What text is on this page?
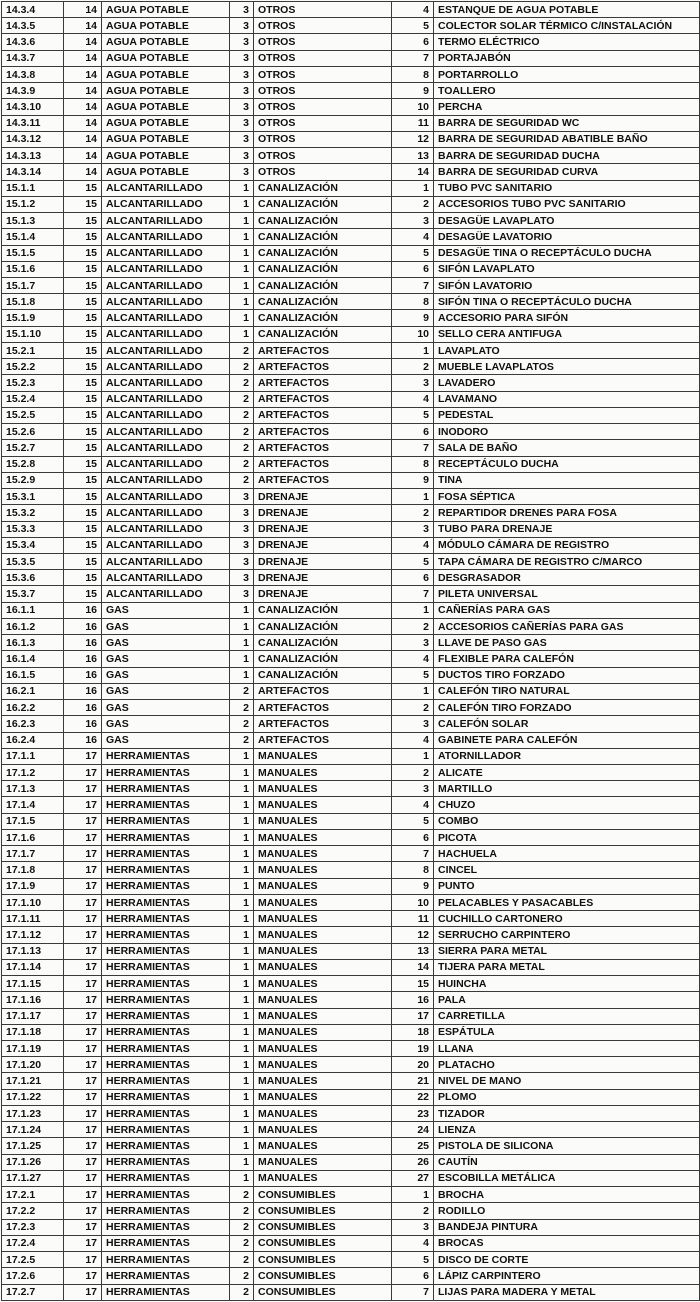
14.3.4	14	AGUA POTABLE	3	OTROS	4	ESTANQUE DE AGUA POTABLE
14.3.5	14	AGUA POTABLE	3	OTROS	5	COLECTOR SOLAR TÉRMICO C/INSTALACIÓN
14.3.6	14	AGUA POTABLE	3	OTROS	6	TERMO ELÉCTRICO
14.3.7	14	AGUA POTABLE	3	OTROS	7	PORTAJABÓN
14.3.8	14	AGUA POTABLE	3	OTROS	8	PORTARROLLO
14.3.9	14	AGUA POTABLE	3	OTROS	9	TOALLERO
14.3.10	14	AGUA POTABLE	3	OTROS	10	PERCHA
14.3.11	14	AGUA POTABLE	3	OTROS	11	BARRA DE SEGURIDAD WC
14.3.12	14	AGUA POTABLE	3	OTROS	12	BARRA DE SEGURIDAD ABATIBLE BAÑO
14.3.13	14	AGUA POTABLE	3	OTROS	13	BARRA DE SEGURIDAD DUCHA
14.3.14	14	AGUA POTABLE	3	OTROS	14	BARRA DE SEGURIDAD CURVA
15.1.1	15	ALCANTARILLADO	1	CANALIZACIÓN	1	TUBO PVC SANITARIO
15.1.2	15	ALCANTARILLADO	1	CANALIZACIÓN	2	ACCESORIOS TUBO PVC SANITARIO
15.1.3	15	ALCANTARILLADO	1	CANALIZACIÓN	3	DESAGÜE LAVAPLATO
15.1.4	15	ALCANTARILLADO	1	CANALIZACIÓN	4	DESAGÜE LAVATORIO
15.1.5	15	ALCANTARILLADO	1	CANALIZACIÓN	5	DESAGÜE TINA O RECEPTÁCULO DUCHA
15.1.6	15	ALCANTARILLADO	1	CANALIZACIÓN	6	SIFÓN LAVAPLATO
15.1.7	15	ALCANTARILLADO	1	CANALIZACIÓN	7	SIFÓN LAVATORIO
15.1.8	15	ALCANTARILLADO	1	CANALIZACIÓN	8	SIFÓN TINA O RECEPTÁCULO DUCHA
15.1.9	15	ALCANTARILLADO	1	CANALIZACIÓN	9	ACCESORIO PARA SIFÓN
15.1.10	15	ALCANTARILLADO	1	CANALIZACIÓN	10	SELLO CERA ANTIFUGA
15.2.1	15	ALCANTARILLADO	2	ARTEFACTOS	1	LAVAPLATO
15.2.2	15	ALCANTARILLADO	2	ARTEFACTOS	2	MUEBLE LAVAPLATOS
15.2.3	15	ALCANTARILLADO	2	ARTEFACTOS	3	LAVADERO
15.2.4	15	ALCANTARILLADO	2	ARTEFACTOS	4	LAVAMANO
15.2.5	15	ALCANTARILLADO	2	ARTEFACTOS	5	PEDESTAL
15.2.6	15	ALCANTARILLADO	2	ARTEFACTOS	6	INODORO
15.2.7	15	ALCANTARILLADO	2	ARTEFACTOS	7	SALA DE BAÑO
15.2.8	15	ALCANTARILLADO	2	ARTEFACTOS	8	RECEPTÁCULO DUCHA
15.2.9	15	ALCANTARILLADO	2	ARTEFACTOS	9	TINA
15.3.1	15	ALCANTARILLADO	3	DRENAJE	1	FOSA SÉPTICA
15.3.2	15	ALCANTARILLADO	3	DRENAJE	2	REPARTIDOR DRENES PARA FOSA
15.3.3	15	ALCANTARILLADO	3	DRENAJE	3	TUBO PARA DRENAJE
15.3.4	15	ALCANTARILLADO	3	DRENAJE	4	MÓDULO CÁMARA DE REGISTRO
15.3.5	15	ALCANTARILLADO	3	DRENAJE	5	TAPA CÁMARA DE REGISTRO C/MARCO
15.3.6	15	ALCANTARILLADO	3	DRENAJE	6	DESGRASADOR
15.3.7	15	ALCANTARILLADO	3	DRENAJE	7	PILETA UNIVERSAL
16.1.1	16	GAS	1	CANALIZACIÓN	1	CAÑERÍAS PARA GAS
16.1.2	16	GAS	1	CANALIZACIÓN	2	ACCESORIOS CAÑERÍAS PARA GAS
16.1.3	16	GAS	1	CANALIZACIÓN	3	LLAVE DE PASO GAS
16.1.4	16	GAS	1	CANALIZACIÓN	4	FLEXIBLE PARA CALEFÓN
16.1.5	16	GAS	1	CANALIZACIÓN	5	DUCTOS TIRO FORZADO
16.2.1	16	GAS	2	ARTEFACTOS	1	CALEFÓN TIRO NATURAL
16.2.2	16	GAS	2	ARTEFACTOS	2	CALEFÓN TIRO FORZADO
16.2.3	16	GAS	2	ARTEFACTOS	3	CALEFÓN SOLAR
16.2.4	16	GAS	2	ARTEFACTOS	4	GABINETE PARA CALEFÓN
17.1.1	17	HERRAMIENTAS	1	MANUALES	1	ATORNILLADOR
17.1.2	17	HERRAMIENTAS	1	MANUALES	2	ALICATE
17.1.3	17	HERRAMIENTAS	1	MANUALES	3	MARTILLO
17.1.4	17	HERRAMIENTAS	1	MANUALES	4	CHUZO
17.1.5	17	HERRAMIENTAS	1	MANUALES	5	COMBO
17.1.6	17	HERRAMIENTAS	1	MANUALES	6	PICOTA
17.1.7	17	HERRAMIENTAS	1	MANUALES	7	HACHUELA
17.1.8	17	HERRAMIENTAS	1	MANUALES	8	CINCEL
17.1.9	17	HERRAMIENTAS	1	MANUALES	9	PUNTO
17.1.10	17	HERRAMIENTAS	1	MANUALES	10	PELACABLES Y PASACABLES
17.1.11	17	HERRAMIENTAS	1	MANUALES	11	CUCHILLO CARTONERO
17.1.12	17	HERRAMIENTAS	1	MANUALES	12	SERRUCHO CARPINTERO
17.1.13	17	HERRAMIENTAS	1	MANUALES	13	SIERRA PARA METAL
17.1.14	17	HERRAMIENTAS	1	MANUALES	14	TIJERA PARA METAL
17.1.15	17	HERRAMIENTAS	1	MANUALES	15	HUINCHA
17.1.16	17	HERRAMIENTAS	1	MANUALES	16	PALA
17.1.17	17	HERRAMIENTAS	1	MANUALES	17	CARRETILLA
17.1.18	17	HERRAMIENTAS	1	MANUALES	18	ESPÁTULA
17.1.19	17	HERRAMIENTAS	1	MANUALES	19	LLANA
17.1.20	17	HERRAMIENTAS	1	MANUALES	20	PLATACHO
17.1.21	17	HERRAMIENTAS	1	MANUALES	21	NIVEL DE MANO
17.1.22	17	HERRAMIENTAS	1	MANUALES	22	PLOMO
17.1.23	17	HERRAMIENTAS	1	MANUALES	23	TIZADOR
17.1.24	17	HERRAMIENTAS	1	MANUALES	24	LIENZA
17.1.25	17	HERRAMIENTAS	1	MANUALES	25	PISTOLA DE SILICONA
17.1.26	17	HERRAMIENTAS	1	MANUALES	26	CAUTÍN
17.1.27	17	HERRAMIENTAS	1	MANUALES	27	ESCOBILLA METÁLICA
17.2.1	17	HERRAMIENTAS	2	CONSUMIBLES	1	BROCHA
17.2.2	17	HERRAMIENTAS	2	CONSUMIBLES	2	RODILLO
17.2.3	17	HERRAMIENTAS	2	CONSUMIBLES	3	BANDEJA PINTURA
17.2.4	17	HERRAMIENTAS	2	CONSUMIBLES	4	BROCAS
17.2.5	17	HERRAMIENTAS	2	CONSUMIBLES	5	DISCO DE CORTE
17.2.6	17	HERRAMIENTAS	2	CONSUMIBLES	6	LÁPIZ CARPINTERO
17.2.7	17	HERRAMIENTAS	2	CONSUMIBLES	7	LIJAS PARA MADERA Y METAL
